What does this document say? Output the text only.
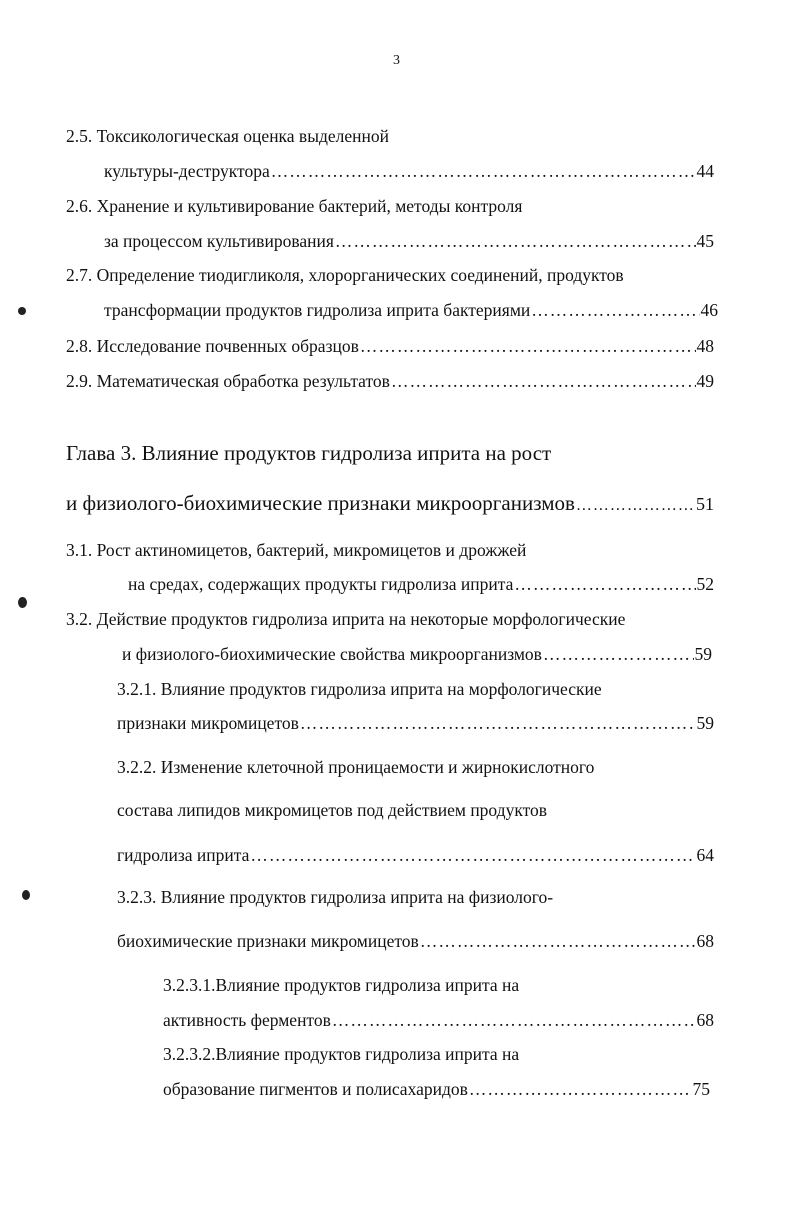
3
2.5. Токсикологическая оценка выделенной
культуры-деструктора ……………………………………………………………………………………………………………………………………………………………………………………	44
2.6. Хранение и культивирование бактерий, методы контроля
за процессом культивирования ……………………………………………………………………………………………………………………………………………………………………………………	45
2.7. Определение тиодигликоля, хлорорганических соединений, продуктов
трансформации продуктов гидролиза иприта бактериями ……………………………………………………………………………………………………………………………………………………………………………………	46
2.8. Исследование почвенных образцов ……………………………………………………………………………………………………………………………………………………………………………………	48
2.9. Математическая обработка результатов ……………………………………………………………………………………………………………………………………………………………………………………	49
Глава 3. Влияние продуктов гидролиза иприта на рост
и физиолого-биохимические признаки микроорганизмов ……………………………………………………………………………………………………………………………………………………………………………………	51
3.1. Рост актиномицетов, бактерий, микромицетов и дрожжей
на средах, содержащих продукты гидролиза иприта ……………………………………………………………………………………………………………………………………………………………………………………	52
3.2. Действие продуктов гидролиза иприта на некоторые морфологические
и физиолого-биохимические свойства микроорганизмов ……………………………………………………………………………………………………………………………………………………………………………………	59
3.2.1. Влияние продуктов гидролиза иприта на морфологические
признаки микромицетов ……………………………………………………………………………………………………………………………………………………………………………………	59
3.2.2. Изменение клеточной проницаемости и жирнокислотного
состава липидов микромицетов под действием продуктов
гидролиза иприта ……………………………………………………………………………………………………………………………………………………………………………………	64
3.2.3. Влияние продуктов гидролиза иприта на физиолого-
биохимические признаки микромицетов ……………………………………………………………………………………………………………………………………………………………………………………	68
3.2.3.1.Влияние продуктов гидролиза иприта на
активность ферментов ……………………………………………………………………………………………………………………………………………………………………………………	68
3.2.3.2.Влияние продуктов гидролиза иприта на
образование пигментов и полисахаридов ……………………………………………………………………………………………………………………………………………………………………………………	75
